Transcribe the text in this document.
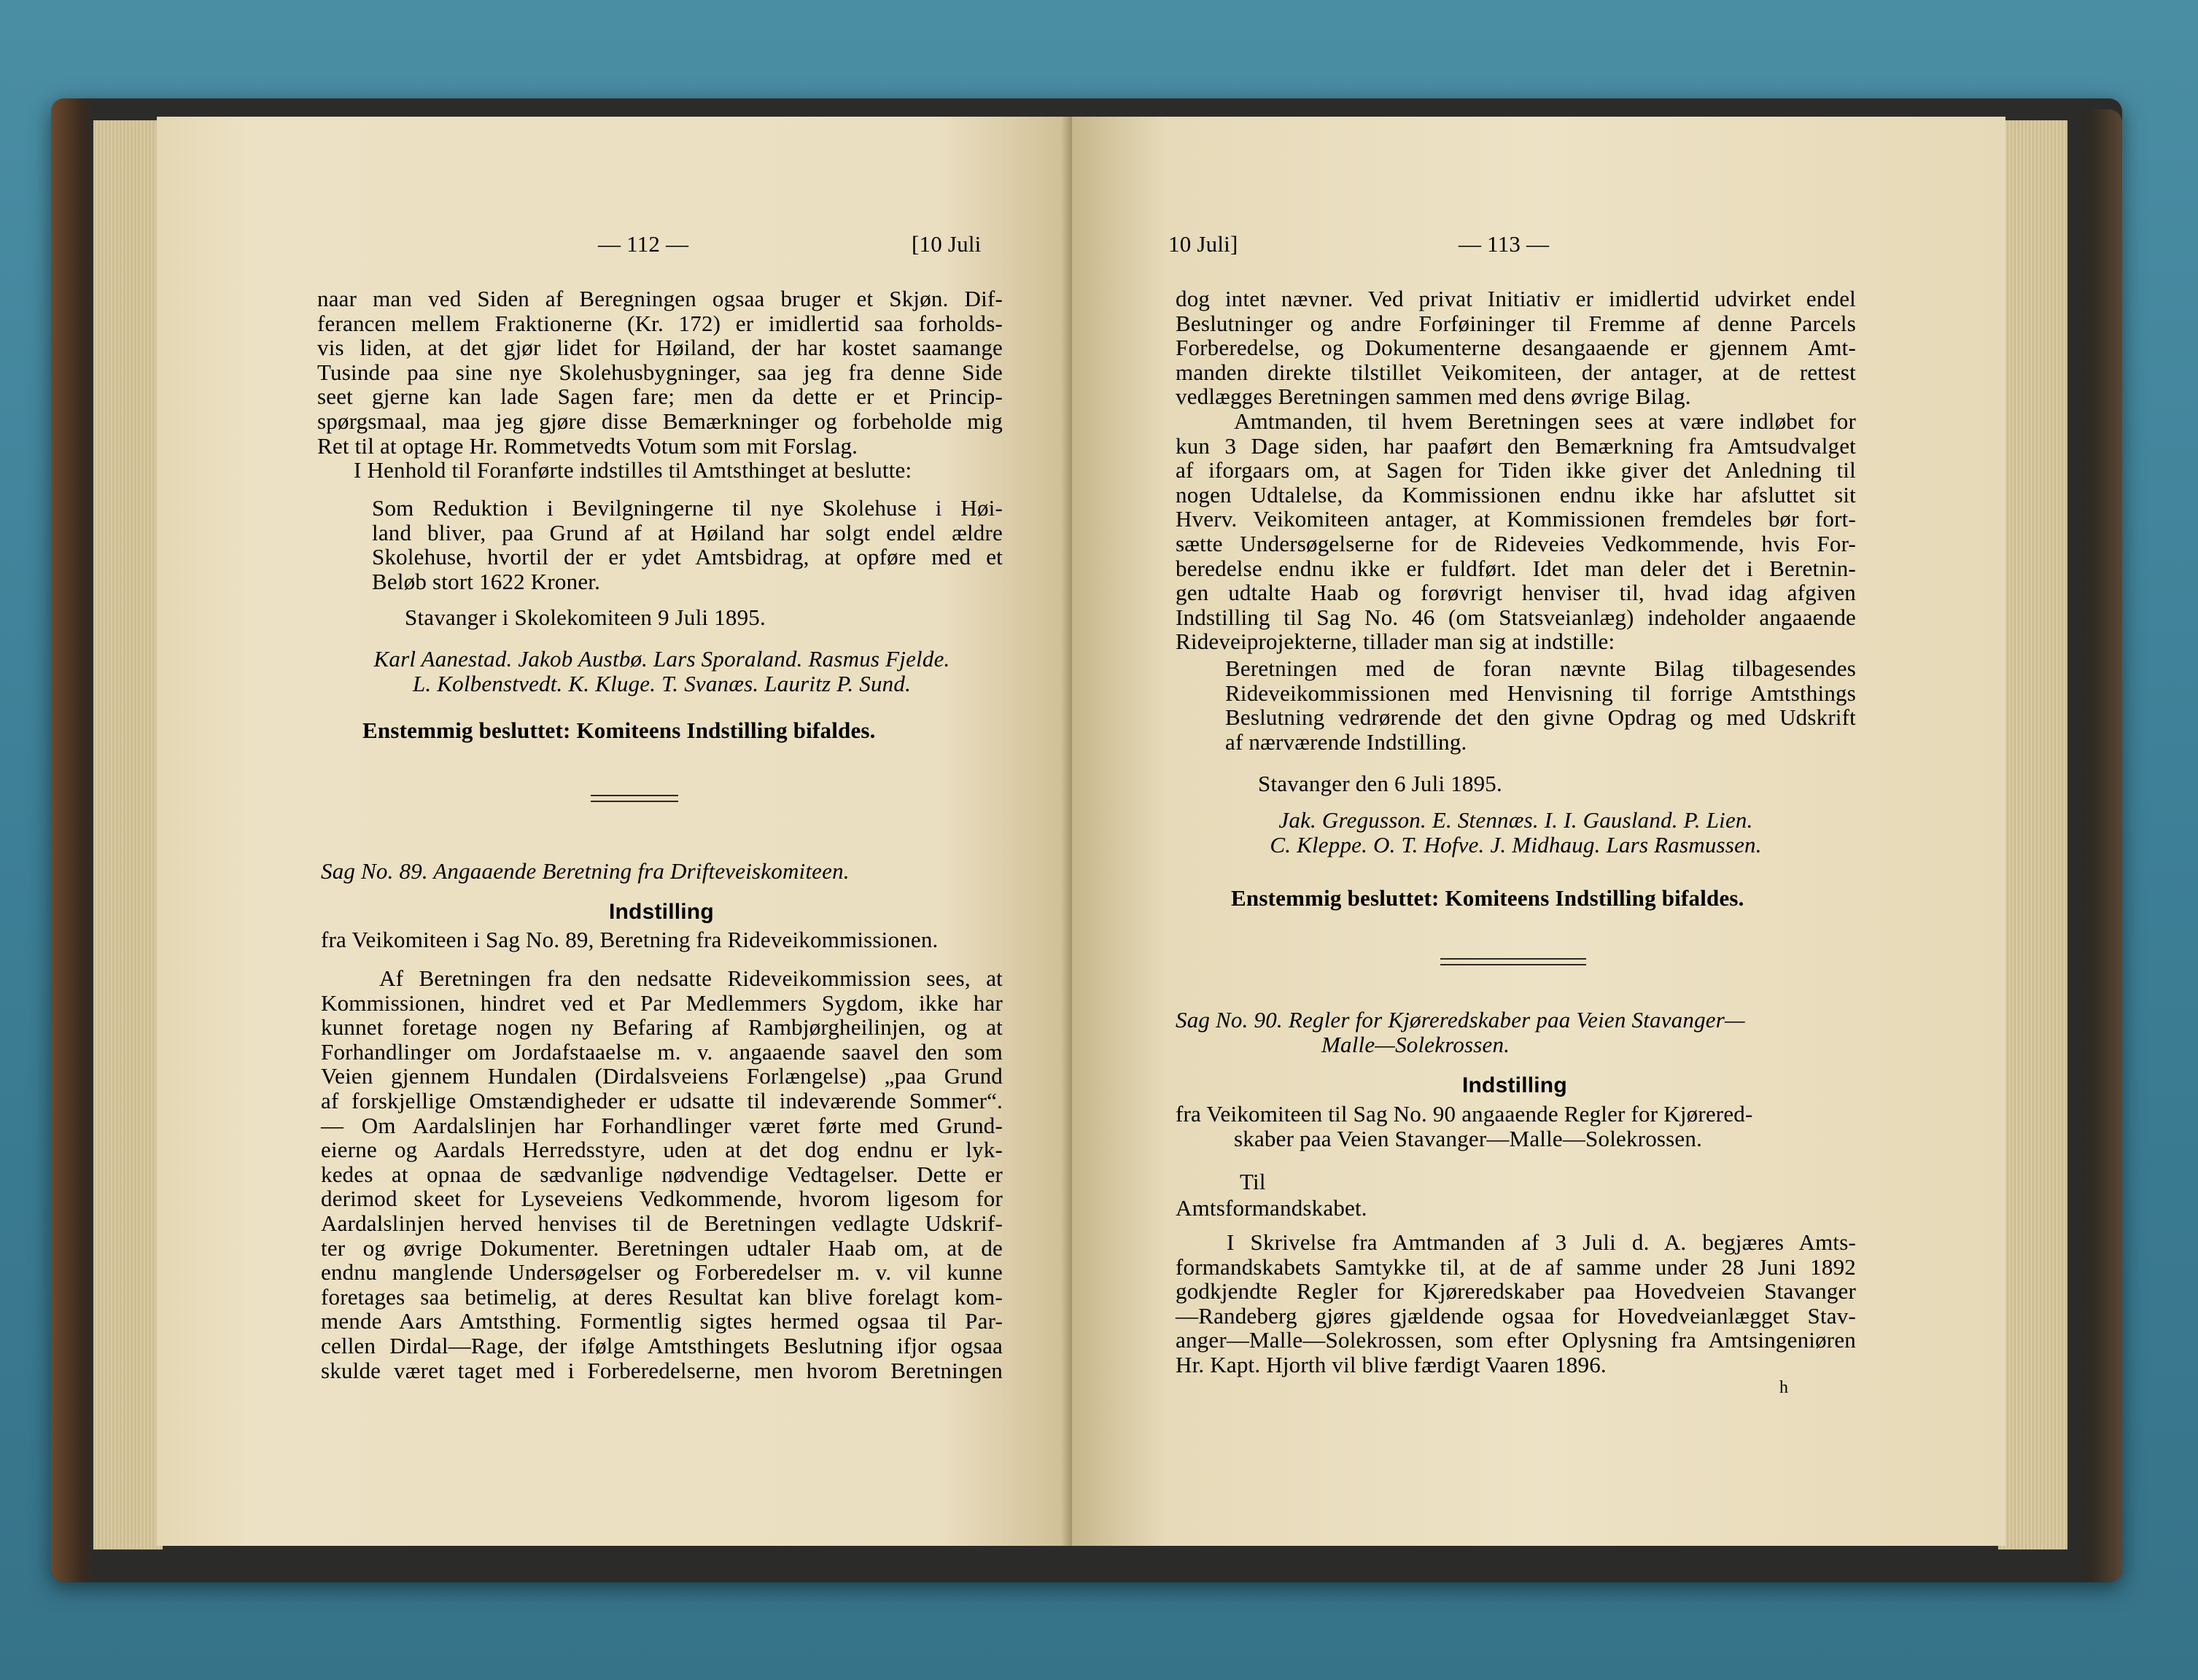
— 112 —	[10 Juli
naar man ved Siden af Beregningen ogsaa bruger et Skjøn. Dif-
ferancen mellem Fraktionerne (Kr. 172) er imidlertid saa forholds-
vis liden, at det gjør lidet for Høiland, der har kostet saamange
Tusinde paa sine nye Skolehusbygninger, saa jeg fra denne Side
seet gjerne kan lade Sagen fare; men da dette er et Princip-
spørgsmaal, maa jeg gjøre disse Bemærkninger og forbeholde mig
Ret til at optage Hr. Rommetvedts Votum som mit Forslag.
I Henhold til Foranførte indstilles til Amtsthinget at beslutte:
Som Reduktion i Bevilgningerne til nye Skolehuse i Høi-
land bliver, paa Grund af at Høiland har solgt endel ældre
Skolehuse, hvortil der er ydet Amtsbidrag, at opføre med et
Beløb stort 1622 Kroner.
Stavanger i Skolekomiteen 9 Juli 1895.
Karl Aanestad. Jakob Austbø. Lars Sporaland. Rasmus Fjelde.
L. Kolbenstvedt. K. Kluge. T. Svanæs. Lauritz P. Sund.
Enstemmig besluttet: Komiteens Indstilling bifaldes.
Sag No. 89. Angaaende Beretning fra Drifteveiskomiteen.
Indstilling
fra Veikomiteen i Sag No. 89, Beretning fra Rideveikommissionen.
Af Beretningen fra den nedsatte Rideveikommission sees, at
Kommissionen, hindret ved et Par Medlemmers Sygdom, ikke har
kunnet foretage nogen ny Befaring af Rambjørgheilinjen, og at
Forhandlinger om Jordafstaaelse m. v. angaaende saavel den som
Veien gjennem Hundalen (Dirdalsveiens Forlængelse) „paa Grund
af forskjellige Omstændigheder er udsatte til indeværende Sommer“.
— Om Aardalslinjen har Forhandlinger været førte med Grund-
eierne og Aardals Herredsstyre, uden at det dog endnu er lyk-
kedes at opnaa de sædvanlige nødvendige Vedtagelser. Dette er
derimod skeet for Lyseveiens Vedkommende, hvorom ligesom for
Aardalslinjen herved henvises til de Beretningen vedlagte Udskrif-
ter og øvrige Dokumenter. Beretningen udtaler Haab om, at de
endnu manglende Undersøgelser og Forberedelser m. v. vil kunne
foretages saa betimelig, at deres Resultat kan blive forelagt kom-
mende Aars Amtsthing. Formentlig sigtes hermed ogsaa til Par-
cellen Dirdal—Rage, der ifølge Amtsthingets Beslutning ifjor ogsaa
skulde været taget med i Forberedelserne, men hvorom Beretningen
10 Juli]	— 113 —
dog intet nævner. Ved privat Initiativ er imidlertid udvirket endel
Beslutninger og andre Forføininger til Fremme af denne Parcels
Forberedelse, og Dokumenterne desangaaende er gjennem Amt-
manden direkte tilstillet Veikomiteen, der antager, at de rettest
vedlægges Beretningen sammen med dens øvrige Bilag.
Amtmanden, til hvem Beretningen sees at være indløbet for
kun 3 Dage siden, har paaført den Bemærkning fra Amtsudvalget
af iforgaars om, at Sagen for Tiden ikke giver det Anledning til
nogen Udtalelse, da Kommissionen endnu ikke har afsluttet sit
Hverv. Veikomiteen antager, at Kommissionen fremdeles bør fort-
sætte Undersøgelserne for de Rideveies Vedkommende, hvis For-
beredelse endnu ikke er fuldført. Idet man deler det i Beretnin-
gen udtalte Haab og forøvrigt henviser til, hvad idag afgiven
Indstilling til Sag No. 46 (om Statsveianlæg) indeholder angaaende
Rideveiprojekterne, tillader man sig at indstille:
Beretningen med de foran nævnte Bilag tilbagesendes
Rideveikommissionen med Henvisning til forrige Amtsthings
Beslutning vedrørende det den givne Opdrag og med Udskrift
af nærværende Indstilling.
Stavanger den 6 Juli 1895.
Jak. Gregusson. E. Stennæs. I. I. Gausland. P. Lien.
C. Kleppe. O. T. Hofve. J. Midhaug. Lars Rasmussen.
Enstemmig besluttet: Komiteens Indstilling bifaldes.
Sag No. 90. Regler for Kjøreredskaber paa Veien Stavanger—
Malle—Solekrossen.
Indstilling
fra Veikomiteen til Sag No. 90 angaaende Regler for Kjørered-
skaber paa Veien Stavanger—Malle—Solekrossen.
Til
Amtsformandskabet.
I Skrivelse fra Amtmanden af 3 Juli d. A. begjæres Amts-
formandskabets Samtykke til, at de af samme under 28 Juni 1892
godkjendte Regler for Kjøreredskaber paa Hovedveien Stavanger
—Randeberg gjøres gjældende ogsaa for Hovedveianlægget Stav-
anger—Malle—Solekrossen, som efter Oplysning fra Amtsingeniøren
Hr. Kapt. Hjorth vil blive færdigt Vaaren 1896.
h
